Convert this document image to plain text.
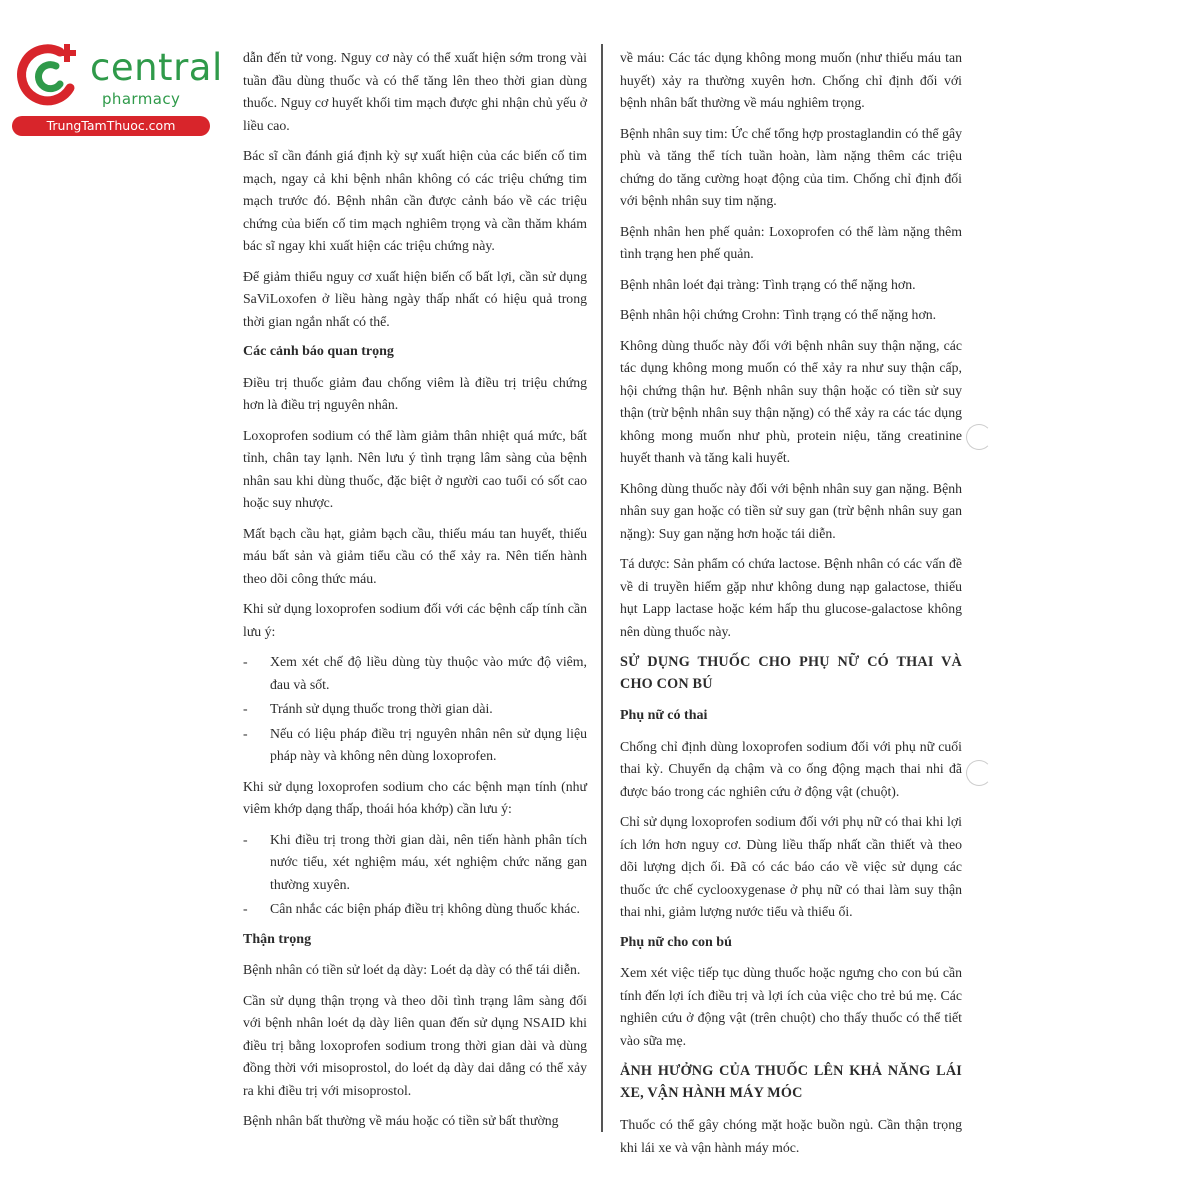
central
pharmacy
TrungTamThuoc.com

dẫn đến tử vong. Nguy cơ này có thể xuất hiện sớm trong vài tuần đầu dùng thuốc và có thể tăng lên theo thời gian dùng thuốc. Nguy cơ huyết khối tim mạch được ghi nhận chủ yếu ở liều cao.

Bác sĩ cần đánh giá định kỳ sự xuất hiện của các biến cố tim mạch, ngay cả khi bệnh nhân không có các triệu chứng tim mạch trước đó. Bệnh nhân cần được cảnh báo về các triệu chứng của biến cố tim mạch nghiêm trọng và cần thăm khám bác sĩ ngay khi xuất hiện các triệu chứng này.

Để giảm thiểu nguy cơ xuất hiện biến cố bất lợi, cần sử dụng SaViLoxofen ở liều hàng ngày thấp nhất có hiệu quả trong thời gian ngắn nhất có thể.

Các cảnh báo quan trọng

Điều trị thuốc giảm đau chống viêm là điều trị triệu chứng hơn là điều trị nguyên nhân.

Loxoprofen sodium có thể làm giảm thân nhiệt quá mức, bất tỉnh, chân tay lạnh. Nên lưu ý tình trạng lâm sàng của bệnh nhân sau khi dùng thuốc, đặc biệt ở người cao tuổi có sốt cao hoặc suy nhược.

Mất bạch cầu hạt, giảm bạch cầu, thiếu máu tan huyết, thiếu máu bất sản và giảm tiểu cầu có thể xảy ra. Nên tiến hành theo dõi công thức máu.

Khi sử dụng loxoprofen sodium đối với các bệnh cấp tính cần lưu ý:

- Xem xét chế độ liều dùng tùy thuộc vào mức độ viêm, đau và sốt.
- Tránh sử dụng thuốc trong thời gian dài.
- Nếu có liệu pháp điều trị nguyên nhân nên sử dụng liệu pháp này và không nên dùng loxoprofen.

Khi sử dụng loxoprofen sodium cho các bệnh mạn tính (như viêm khớp dạng thấp, thoái hóa khớp) cần lưu ý:

- Khi điều trị trong thời gian dài, nên tiến hành phân tích nước tiểu, xét nghiệm máu, xét nghiệm chức năng gan thường xuyên.
- Cân nhắc các biện pháp điều trị không dùng thuốc khác.
Thận trọng

Bệnh nhân có tiền sử loét dạ dày: Loét dạ dày có thể tái diễn.

Cần sử dụng thận trọng và theo dõi tình trạng lâm sàng đối với bệnh nhân loét dạ dày liên quan đến sử dụng NSAID khi điều trị bằng loxoprofen sodium trong thời gian dài và dùng đồng thời với misoprostol, do loét dạ dày dai dẳng có thể xảy ra khi điều trị với misoprostol.

Bệnh nhân bất thường về máu hoặc có tiền sử bất thường

về máu: Các tác dụng không mong muốn (như thiếu máu tan huyết) xảy ra thường xuyên hơn. Chống chỉ định đối với bệnh nhân bất thường về máu nghiêm trọng.

Bệnh nhân suy tim: Ức chế tổng hợp prostaglandin có thể gây phù và tăng thể tích tuần hoàn, làm nặng thêm các triệu chứng do tăng cường hoạt động của tim. Chống chỉ định đối với bệnh nhân suy tim nặng.

Bệnh nhân hen phế quản: Loxoprofen có thể làm nặng thêm tình trạng hen phế quản.

Bệnh nhân loét đại tràng: Tình trạng có thể nặng hơn.

Bệnh nhân hội chứng Crohn: Tình trạng có thể nặng hơn.

Không dùng thuốc này đối với bệnh nhân suy thận nặng, các tác dụng không mong muốn có thể xảy ra như suy thận cấp, hội chứng thận hư. Bệnh nhân suy thận hoặc có tiền sử suy thận (trừ bệnh nhân suy thận nặng) có thể xảy ra các tác dụng không mong muốn như phù, protein niệu, tăng creatinine huyết thanh và tăng kali huyết.

Không dùng thuốc này đối với bệnh nhân suy gan nặng. Bệnh nhân suy gan hoặc có tiền sử suy gan (trừ bệnh nhân suy gan nặng): Suy gan nặng hơn hoặc tái diễn.

Tá dược: Sản phẩm có chứa lactose. Bệnh nhân có các vấn đề về di truyền hiếm gặp như không dung nạp galactose, thiếu hụt Lapp lactase hoặc kém hấp thu glucose-galactose không nên dùng thuốc này.

SỬ DỤNG THUỐC CHO PHỤ NỮ CÓ THAI VÀ CHO CON BÚ
Phụ nữ có thai

Chống chỉ định dùng loxoprofen sodium đối với phụ nữ cuối thai kỳ. Chuyển dạ chậm và co ống động mạch thai nhi đã được báo trong các nghiên cứu ở động vật (chuột).

Chỉ sử dụng loxoprofen sodium đối với phụ nữ có thai khi lợi ích lớn hơn nguy cơ. Dùng liều thấp nhất cần thiết và theo dõi lượng dịch ối. Đã có các báo cáo về việc sử dụng các thuốc ức chế cyclooxygenase ở phụ nữ có thai làm suy thận thai nhi, giảm lượng nước tiểu và thiểu ối.

Phụ nữ cho con bú

Xem xét việc tiếp tục dùng thuốc hoặc ngưng cho con bú cần tính đến lợi ích điều trị và lợi ích của việc cho trẻ bú mẹ. Các nghiên cứu ở động vật (trên chuột) cho thấy thuốc có thể tiết vào sữa mẹ.

ẢNH HƯỞNG CỦA THUỐC LÊN KHẢ NĂNG LÁI XE, VẬN HÀNH MÁY MÓC

Thuốc có thể gây chóng mặt hoặc buồn ngủ. Cần thận trọng khi lái xe và vận hành máy móc.
